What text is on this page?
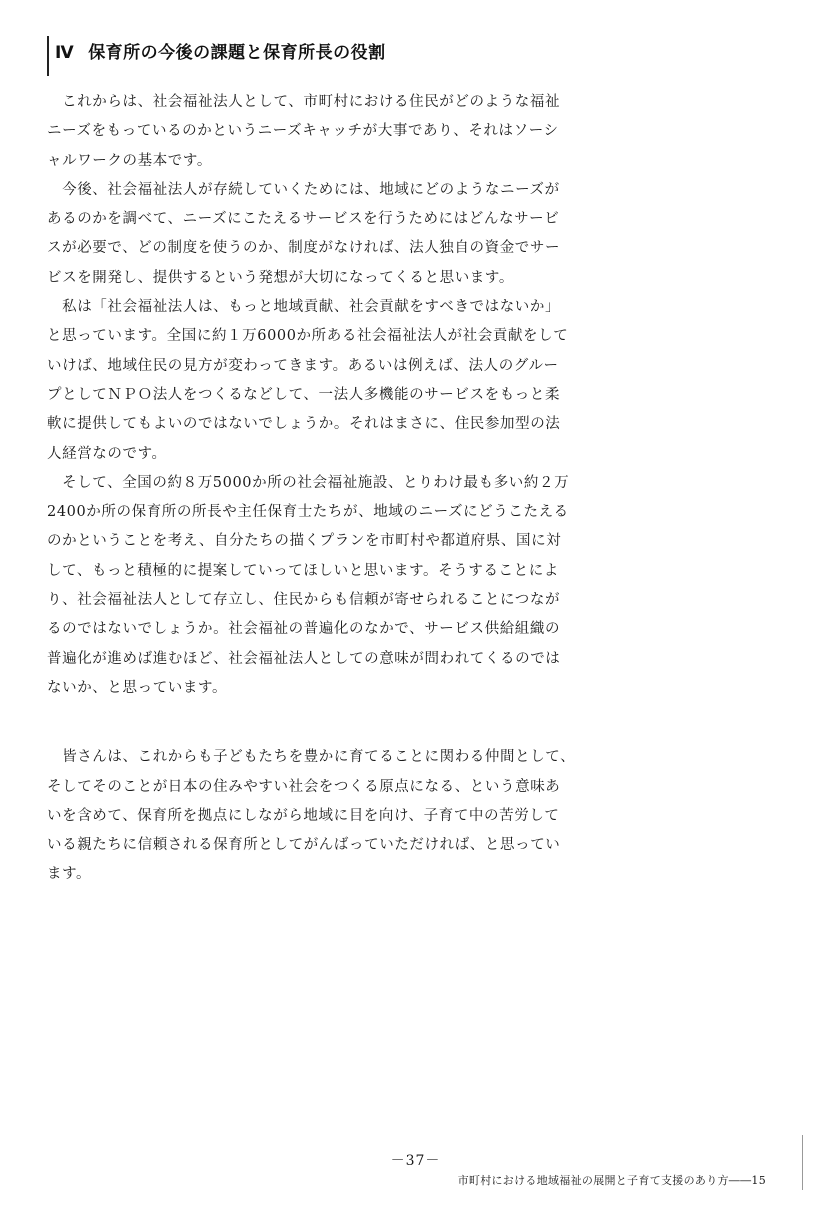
Ⅳ 保育所の今後の課題と保育所長の役割
　これからは、社会福祉法人として、市町村における住民がどのような福祉
ニーズをもっているのかというニーズキャッチが大事であり、それはソーシ
ャルワークの基本です。
　今後、社会福祉法人が存続していくためには、地域にどのようなニーズが
あるのかを調べて、ニーズにこたえるサービスを行うためにはどんなサービ
スが必要で、どの制度を使うのか、制度がなければ、法人独自の資金でサー
ビスを開発し、提供するという発想が大切になってくると思います。
　私は「社会福祉法人は、もっと地域貢献、社会貢献をすべきではないか」
と思っています。全国に約１万6000か所ある社会福祉法人が社会貢献をして
いけば、地域住民の見方が変わってきます。あるいは例えば、法人のグルー
プとしてＮＰＯ法人をつくるなどして、一法人多機能のサービスをもっと柔
軟に提供してもよいのではないでしょうか。それはまさに、住民参加型の法
人経営なのです。
　そして、全国の約８万5000か所の社会福祉施設、とりわけ最も多い約２万
2400か所の保育所の所長や主任保育士たちが、地域のニーズにどうこたえる
のかということを考え、自分たちの描くプランを市町村や都道府県、国に対
して、もっと積極的に提案していってほしいと思います。そうすることによ
り、社会福祉法人として存立し、住民からも信頼が寄せられることにつなが
るのではないでしょうか。社会福祉の普遍化のなかで、サービス供給組織の
普遍化が進めば進むほど、社会福祉法人としての意味が問われてくるのでは
ないか、と思っています。
　皆さんは、これからも子どもたちを豊かに育てることに関わる仲間として、
そしてそのことが日本の住みやすい社会をつくる原点になる、という意味あ
いを含めて、保育所を拠点にしながら地域に目を向け、子育て中の苦労して
いる親たちに信頼される保育所としてがんばっていただければ、と思ってい
ます。
－37－
市町村における地域福祉の展開と子育て支援のあり方――15
